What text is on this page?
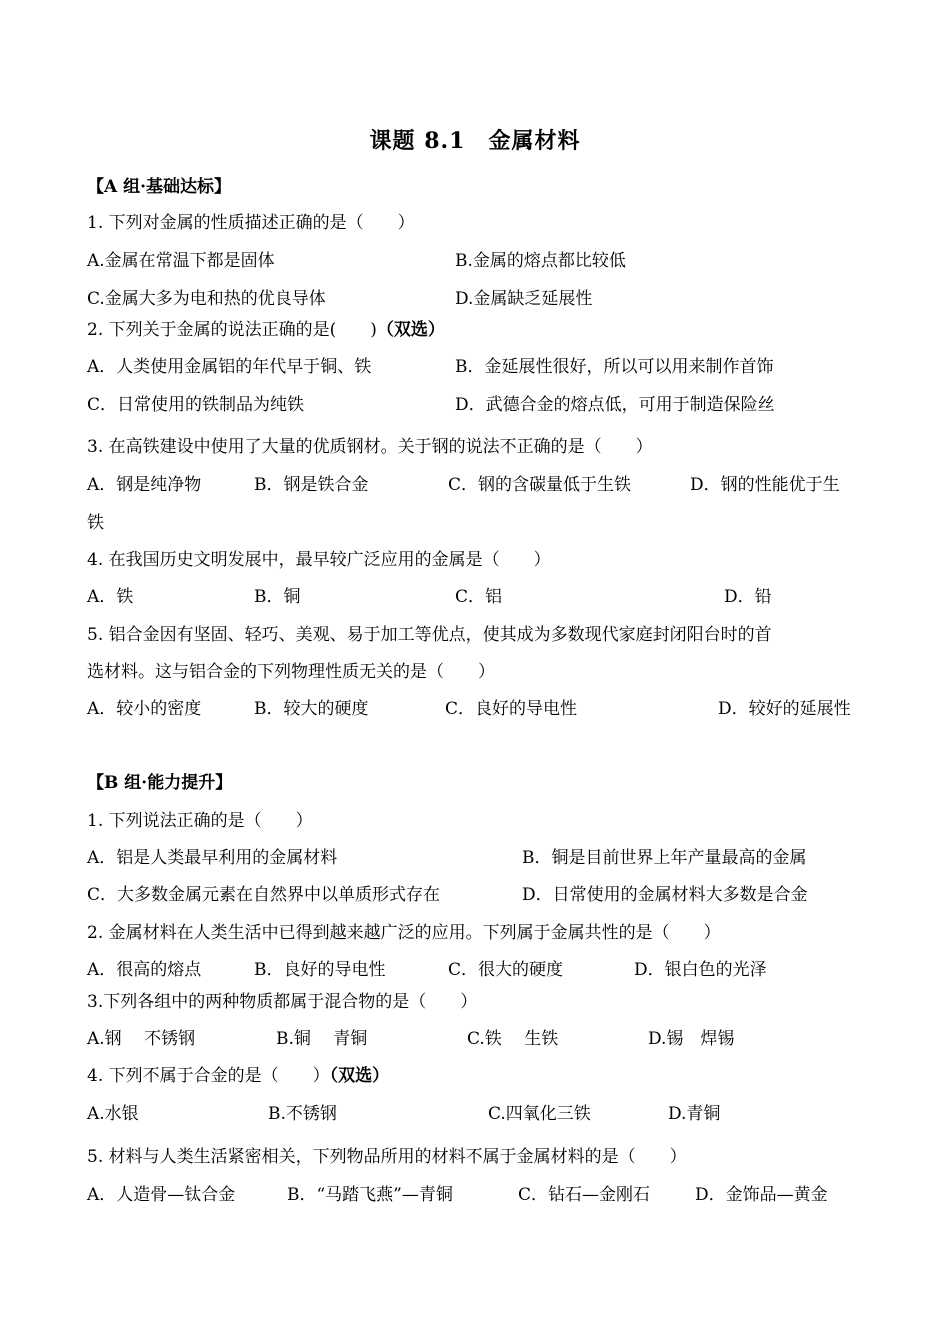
课题 8.1　金属材料
【A 组·基础达标】
1. 下列对金属的性质描述正确的是（　　）
A.金属在常温下都是固体	B.金属的熔点都比较低
C.金属大多为电和热的优良导体	D.金属缺乏延展性
2. 下列关于金属的说法正确的是(　　)（双选）
A．人类使用金属铝的年代早于铜、铁	B．金延展性很好，所以可以用来制作首饰
C．日常使用的铁制品为纯铁	D．武德合金的熔点低，可用于制造保险丝
3. 在高铁建设中使用了大量的优质钢材。关于钢的说法不正确的是（　　）
A．钢是纯净物	B．钢是铁合金	C．钢的含碳量低于生铁	D．钢的性能优于生
铁
4. 在我国历史文明发展中，最早较广泛应用的金属是（　　）
A．铁	B．铜	C．铝	D．铅
5. 铝合金因有坚固、轻巧、美观、易于加工等优点，使其成为多数现代家庭封闭阳台时的首
选材料。这与铝合金的下列物理性质无关的是（　　）
A．较小的密度	B．较大的硬度	C．良好的导电性	D．较好的延展性
【B 组·能力提升】
1. 下列说法正确的是（　　）
A．铝是人类最早利用的金属材料	B．铜是目前世界上年产量最高的金属
C．大多数金属元素在自然界中以单质形式存在	D．日常使用的金属材料大多数是合金
2. 金属材料在人类生活中已得到越来越广泛的应用。下列属于金属共性的是（　　）
A．很高的熔点	B．良好的导电性	C．很大的硬度	D．银白色的光泽
3.下列各组中的两种物质都属于混合物的是（　　）
A.钢　 不锈钢	B.铜　 青铜	C.铁　 生铁	D.锡　焊锡
4. 下列不属于合金的是（　　）（双选）
A.水银	B.不锈钢	C.四氧化三铁	D.青铜
5. 材料与人类生活紧密相关，下列物品所用的材料不属于金属材料的是（　　）
A．人造骨—钛合金	B．“马踏飞燕”—青铜	C．钻石—金刚石	D．金饰品—黄金
